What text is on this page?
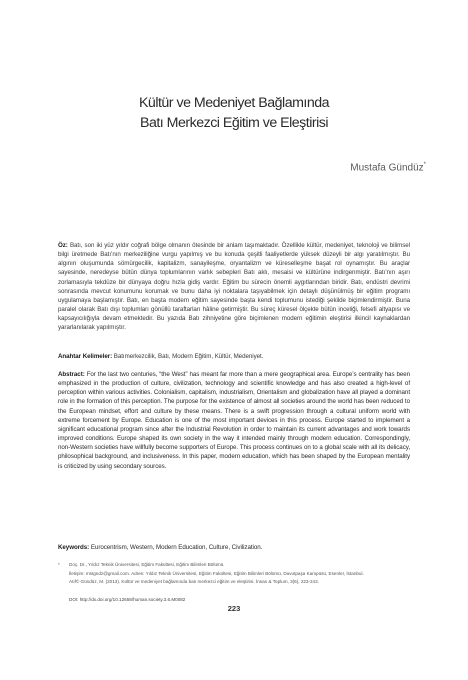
Kültür ve Medeniyet Bağlamında
Batı Merkezci Eğitim ve Eleştirisi
Mustafa Gündüz*
Öz: Batı, son iki yüz yıldır coğrafi bölge olmanın ötesinde bir anlam taşımaktadır. Özellikle kültür, medeniyet, teknoloji ve bilimsel bilgi üretmede Batı’nın merkeziliğine vurgu yapılmış ve bu konuda çeşitli faaliyetlerde yüksek düzeyli bir algı yaratılmıştır. Bu algının oluşumunda sömürgecilik, kapitalizm, sanayileşme, oryantalizm ve küreselleşme başat rol oynamıştır. Bu araçlar sayesinde, neredeyse bütün dünya toplumlarının varlık sebepleri Batı aklı, mesaisi ve kültürüne indirgenmiştir. Batı’nın aşırı zorlamasıyla tekdüze bir dünyaya doğru hızla gidiş vardır. Eğitim bu sürecin önemli aygıtlarından biridir. Batı, endüstri devrimi sonrasında mevcut konumunu korumak ve bunu daha iyi noktalara taşıyabilmek için detaylı düşünülmüş bir eğitim programı uygulamaya başlamıştır. Batı, en başta modern eğitim sayesinde başta kendi toplumunu istediği şekilde biçimlendirmiştir. Buna paralel olarak Batı dışı toplumları gönüllü taraftarları hâline getirmiştir. Bu süreç küresel ölçekte bütün inceliği, felsefi altyapısı ve kapsayıcılığıyla devam etmektedir. Bu yazıda Batı zihniyetine göre biçimlenen modern eğitimin eleştirisi ilkincil kaynaklardan yararlanılarak yapılmıştır.
Anahtar Kelimeler: Batımerkezcilik, Batı, Modern Eğitim, Kültür, Medeniyet.
Abstract: For the last two centuries, “the West” has meant far more than a mere geographical area. Europe’s centrality has been emphasized in the production of culture, civilization, technology and scientific knowledge and has also created a high-level of perception within various activities. Colonialism, capitalism, industrialism, Orientalism and globalization have all played a dominant role in the formation of this perception. The purpose for the existence of almost all societies around the world has been reduced to the European mindset, effort and culture by these means. There is a swift progression through a cultural uniform world with extreme forcement by Europe. Education is one of the most important devices in this process. Europe started to implement a significant educational program since after the Industrial Revolution in order to maintain its current advantages and work towards improved conditions. Europe shaped its own society in the way it intended mainly through modern education. Correspondingly, non-Western societies have willfully become supporters of Europe. This process continues on to a global scale with all its delicacy, philosophical background, and inclusiveness. In this paper, modern education, which has been shaped by the European mentality is criticized by using secondary sources.
Keywords: Eurocentrism, Western, Modern Education, Culture, Civilization.
* Doç. Dr., Yıldız Teknik Üniversitesi, Eğitim Fakültesi, Eğitim Bilimleri Bölümü.
İletişim: mstgndz@gmail.com. Adres: Yıldız Teknik Üniversitesi, Eğitim Fakültesi, Eğitim Bilimleri Bölümü, Davutpaşa Kampüsü, Esenler, İstanbul.
Atıf© Gündüz, M. (2013). Kültür ve medeniyet bağlamında batı merkezci eğitim ve eleştirisi. İnsan & Toplum, 3(6), 223-243.
DOI: http://dx.doi.org/10.12658/human.society.3.6.M0082
223
